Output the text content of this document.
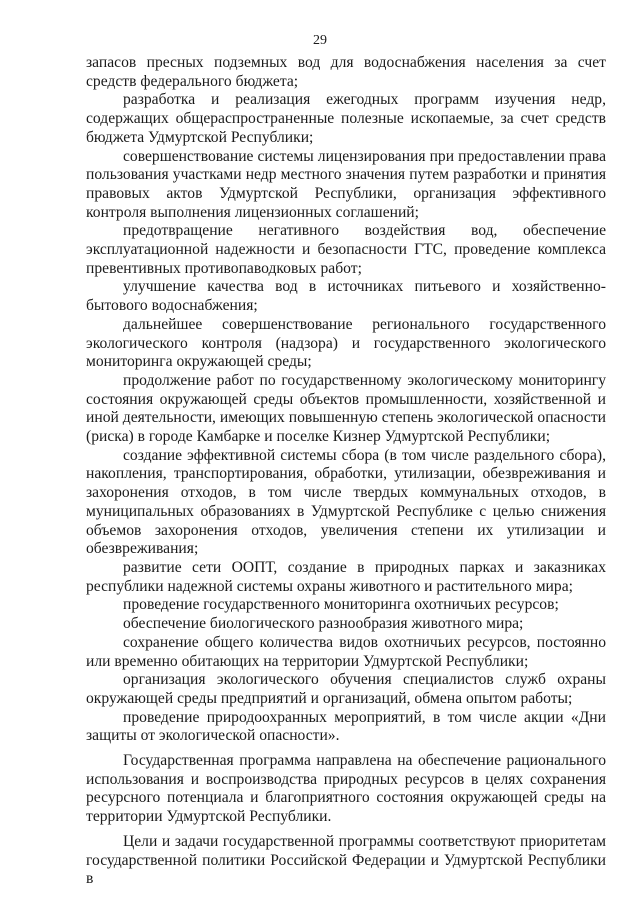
29

запасов пресных подземных вод для водоснабжения населения за счет средств федерального бюджета;

разработка и реализация ежегодных программ изучения недр, содержащих общераспространенные полезные ископаемые, за счет средств бюджета Удмуртской Республики;

совершенствование системы лицензирования при предоставлении права пользования участками недр местного значения путем разработки и принятия правовых актов Удмуртской Республики, организация эффективного контроля выполнения лицензионных соглашений;

предотвращение негативного воздействия вод, обеспечение эксплуатационной надежности и безопасности ГТС, проведение комплекса превентивных противопаводковых работ;

улучшение качества вод в источниках питьевого и хозяйственно-бытового водоснабжения;

дальнейшее совершенствование регионального государственного экологического контроля (надзора) и государственного экологического мониторинга окружающей среды;

продолжение работ по государственному экологическому мониторингу состояния окружающей среды объектов промышленности, хозяйственной и иной деятельности, имеющих повышенную степень экологической опасности (риска) в городе Камбарке и поселке Кизнер Удмуртской Республики;

создание эффективной системы сбора (в том числе раздельного сбора), накопления, транспортирования, обработки, утилизации, обезвреживания и захоронения отходов, в том числе твердых коммунальных отходов, в муниципальных образованиях в Удмуртской Республике с целью снижения объемов захоронения отходов, увеличения степени их утилизации и обезвреживания;

развитие сети ООПТ, создание в природных парках и заказниках республики надежной системы охраны животного и растительного мира;

проведение государственного мониторинга охотничьих ресурсов;

обеспечение биологического разнообразия животного мира;

сохранение общего количества видов охотничьих ресурсов, постоянно или временно обитающих на территории Удмуртской Республики;

организация экологического обучения специалистов служб охраны окружающей среды предприятий и организаций, обмена опытом работы;

проведение природоохранных мероприятий, в том числе акции «Дни защиты от экологической опасности».

Государственная программа направлена на обеспечение рационального использования и воспроизводства природных ресурсов в целях сохранения ресурсного потенциала и благоприятного состояния окружающей среды на территории Удмуртской Республики.

Цели и задачи государственной программы соответствуют приоритетам государственной политики Российской Федерации и Удмуртской Республики в
